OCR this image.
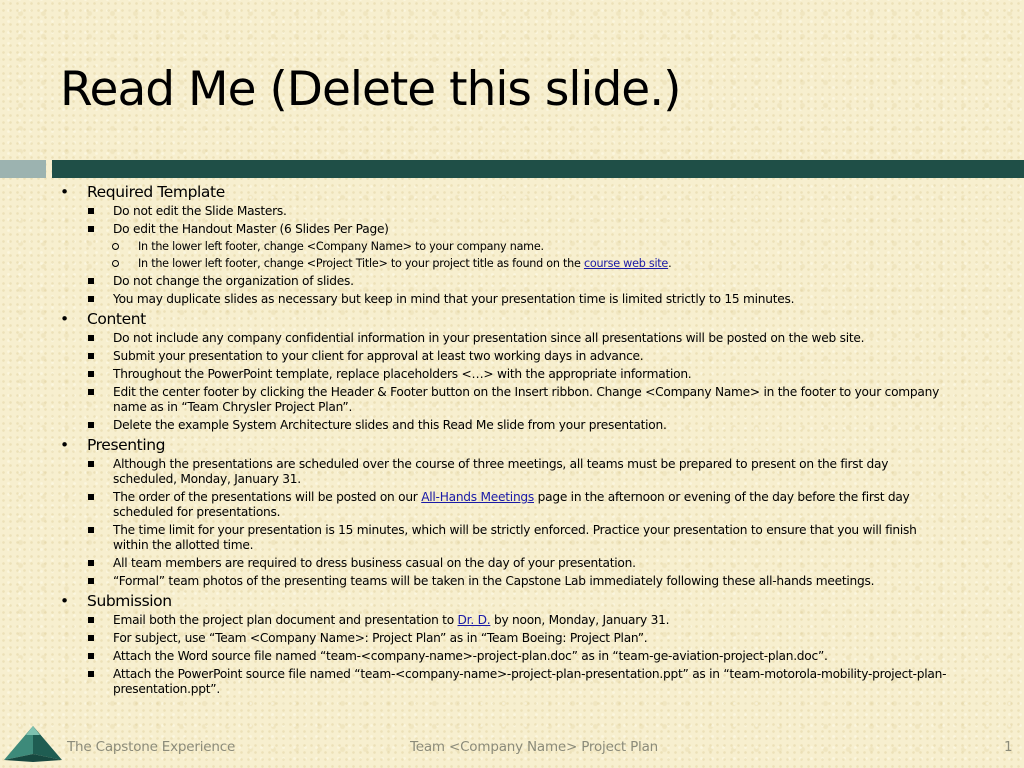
Read Me (Delete this slide.)
• Required Template
Do not edit the Slide Masters.
Do edit the Handout Master (6 Slides Per Page)
In the lower left footer, change <Company Name> to your company name.
In the lower left footer, change <Project Title> to your project title as found on the course web site.
Do not change the organization of slides.
You may duplicate slides as necessary but keep in mind that your presentation time is limited strictly to 15 minutes.
• Content
Do not include any company confidential information in your presentation since all presentations will be posted on the web site.
Submit your presentation to your client for approval at least two working days in advance.
Throughout the PowerPoint template, replace placeholders <…> with the appropriate information.
Edit the center footer by clicking the Header & Footer button on the Insert ribbon. Change <Company Name> in the footer to your company name as in “Team Chrysler Project Plan”.
Delete the example System Architecture slides and this Read Me slide from your presentation.
• Presenting
Although the presentations are scheduled over the course of three meetings, all teams must be prepared to present on the first day scheduled, Monday, January 31.
The order of the presentations will be posted on our All-Hands Meetings page in the afternoon or evening of the day before the first day scheduled for presentations.
The time limit for your presentation is 15 minutes, which will be strictly enforced. Practice your presentation to ensure that you will finish within the allotted time.
All team members are required to dress business casual on the day of your presentation.
“Formal” team photos of the presenting teams will be taken in the Capstone Lab immediately following these all-hands meetings.
• Submission
Email both the project plan document and presentation to Dr. D. by noon, Monday, January 31.
For subject, use “Team <Company Name>: Project Plan” as in “Team Boeing: Project Plan”.
Attach the Word source file named “team-<company-name>-project-plan.doc” as in “team-ge-aviation-project-plan.doc”.
Attach the PowerPoint source file named “team-<company-name>-project-plan-presentation.ppt” as in “team-motorola-mobility-project-plan-presentation.ppt”.
The Capstone Experience	Team <Company Name> Project Plan	1
